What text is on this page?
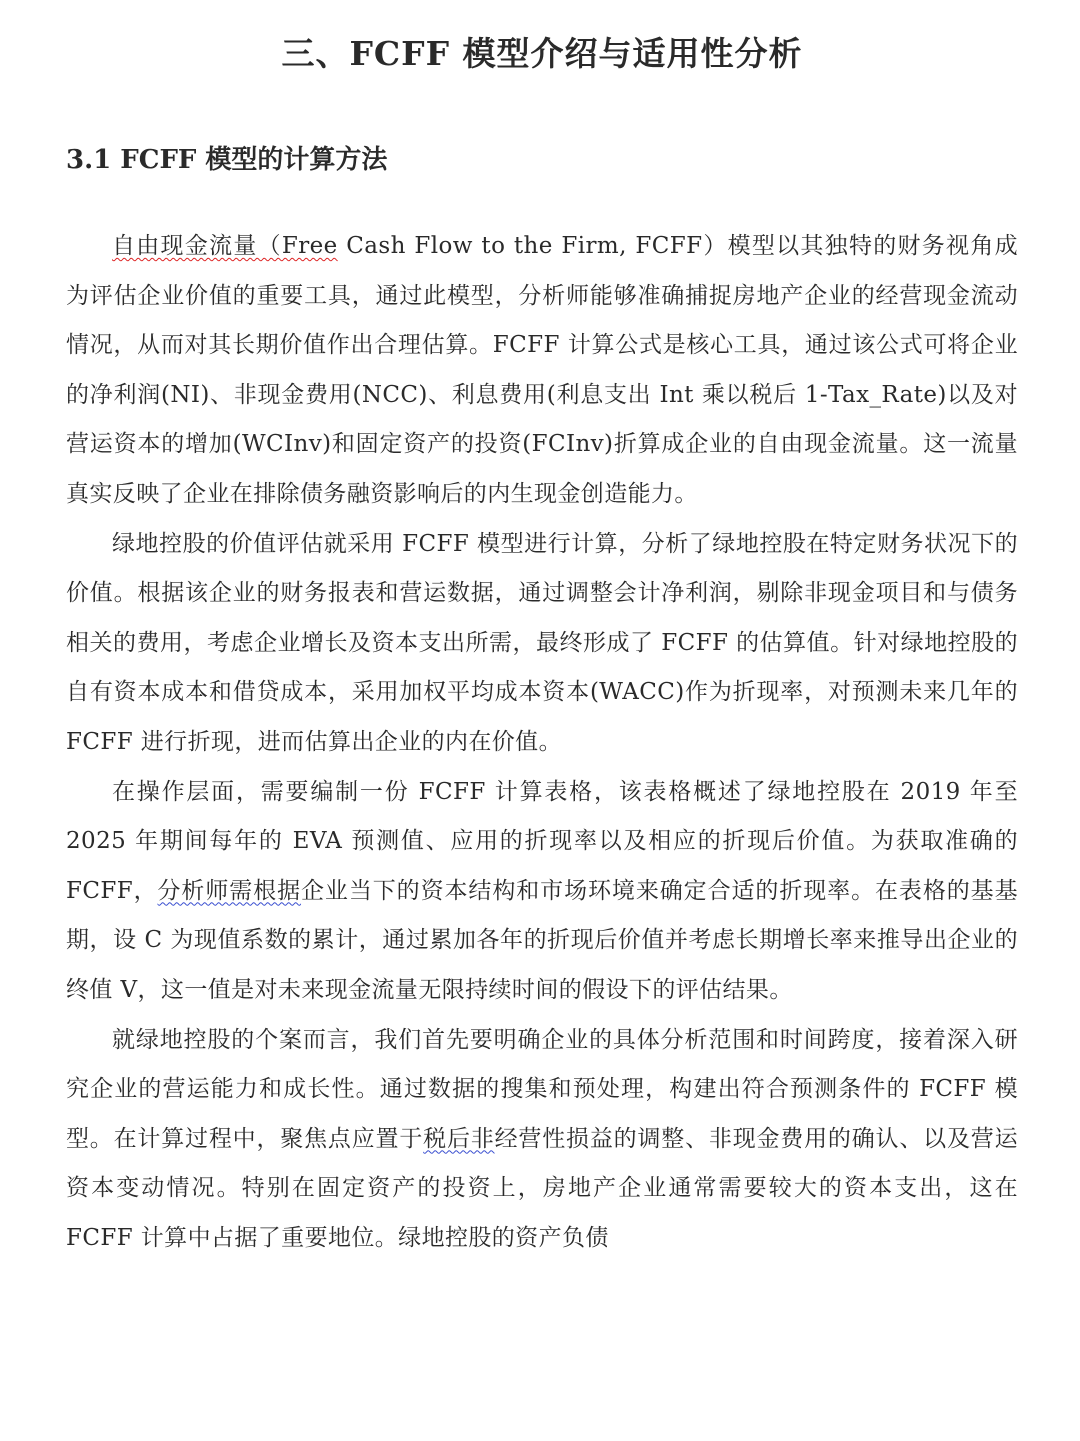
三、FCFF 模型介绍与适用性分析
3.1 FCFF 模型的计算方法

自由现金流量（Free Cash Flow to the Firm, FCFF）模型以其独特的财务视角成为评估企业价值的重要工具，通过此模型，分析师能够准确捕捉房地产企业的经营现金流动情况，从而对其长期价值作出合理估算。FCFF 计算公式是核心工具，通过该公式可将企业的净利润(NI)、非现金费用(NCC)、利息费用(利息支出 Int 乘以税后 1-Tax_Rate)以及对营运资本的增加(WCInv)和固定资产的投资(FCInv)折算成企业的自由现金流量。这一流量真实反映了企业在排除债务融资影响后的内生现金创造能力。

绿地控股的价值评估就采用 FCFF 模型进行计算，分析了绿地控股在特定财务状况下的价值。根据该企业的财务报表和营运数据，通过调整会计净利润，剔除非现金项目和与债务相关的费用，考虑企业增长及资本支出所需，最终形成了 FCFF 的估算值。针对绿地控股的自有资本成本和借贷成本，采用加权平均成本资本(WACC)作为折现率，对预测未来几年的 FCFF 进行折现，进而估算出企业的内在价值。

在操作层面，需要编制一份 FCFF 计算表格，该表格概述了绿地控股在 2019 年至 2025 年期间每年的 EVA 预测值、应用的折现率以及相应的折现后价值。为获取准确的 FCFF，分析师需根据企业当下的资本结构和市场环境来确定合适的折现率。在表格的基基期，设 C 为现值系数的累计，通过累加各年的折现后价值并考虑长期增长率来推导出企业的终值 V，这一值是对未来现金流量无限持续时间的假设下的评估结果。

就绿地控股的个案而言，我们首先要明确企业的具体分析范围和时间跨度，接着深入研究企业的营运能力和成长性。通过数据的搜集和预处理，构建出符合预测条件的 FCFF 模型。在计算过程中，聚焦点应置于税后非经营性损益的调整、非现金费用的确认、以及营运资本变动情况。特别在固定资产的投资上，房地产企业通常需要较大的资本支出，这在 FCFF 计算中占据了重要地位。绿地控股的资产负债
